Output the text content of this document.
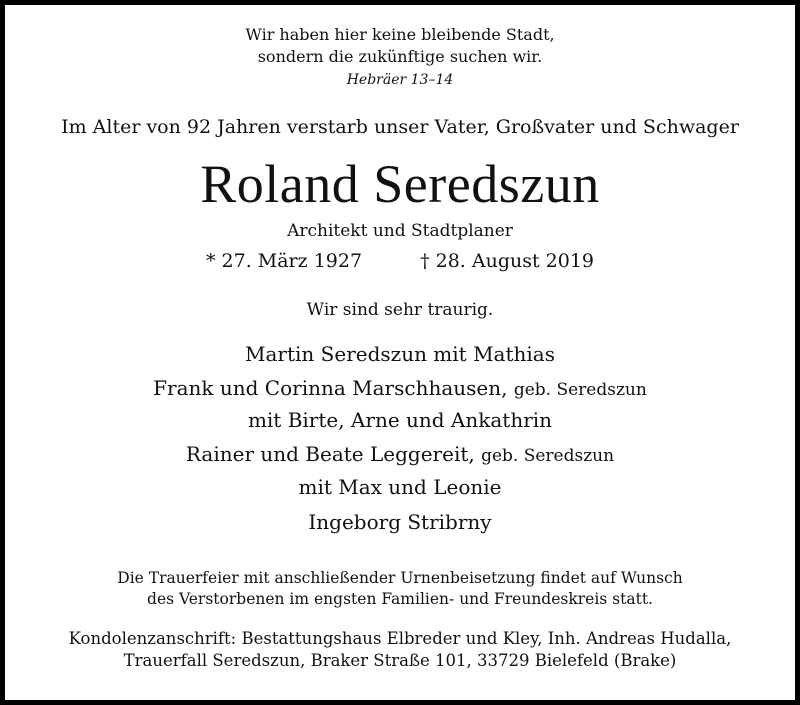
Wir haben hier keine bleibende Stadt,
sondern die zukünftige suchen wir.
Hebräer 13–14
Im Alter von 92 Jahren verstarb unser Vater, Großvater und Schwager
Roland Seredszun
Architekt und Stadtplaner
* 27. März 1927	† 28. August 2019
Wir sind sehr traurig.
Martin Seredszun mit Mathias
Frank und Corinna Marschhausen, geb. Seredszun
mit Birte, Arne und Ankathrin
Rainer und Beate Leggereit, geb. Seredszun
mit Max und Leonie
Ingeborg Stribrny
Die Trauerfeier mit anschließender Urnenbeisetzung findet auf Wunsch
des Verstorbenen im engsten Familien- und Freundeskreis statt.
Kondolenzanschrift: Bestattungshaus Elbreder und Kley, Inh. Andreas Hudalla,
Trauerfall Seredszun, Braker Straße 101, 33729 Bielefeld (Brake)
